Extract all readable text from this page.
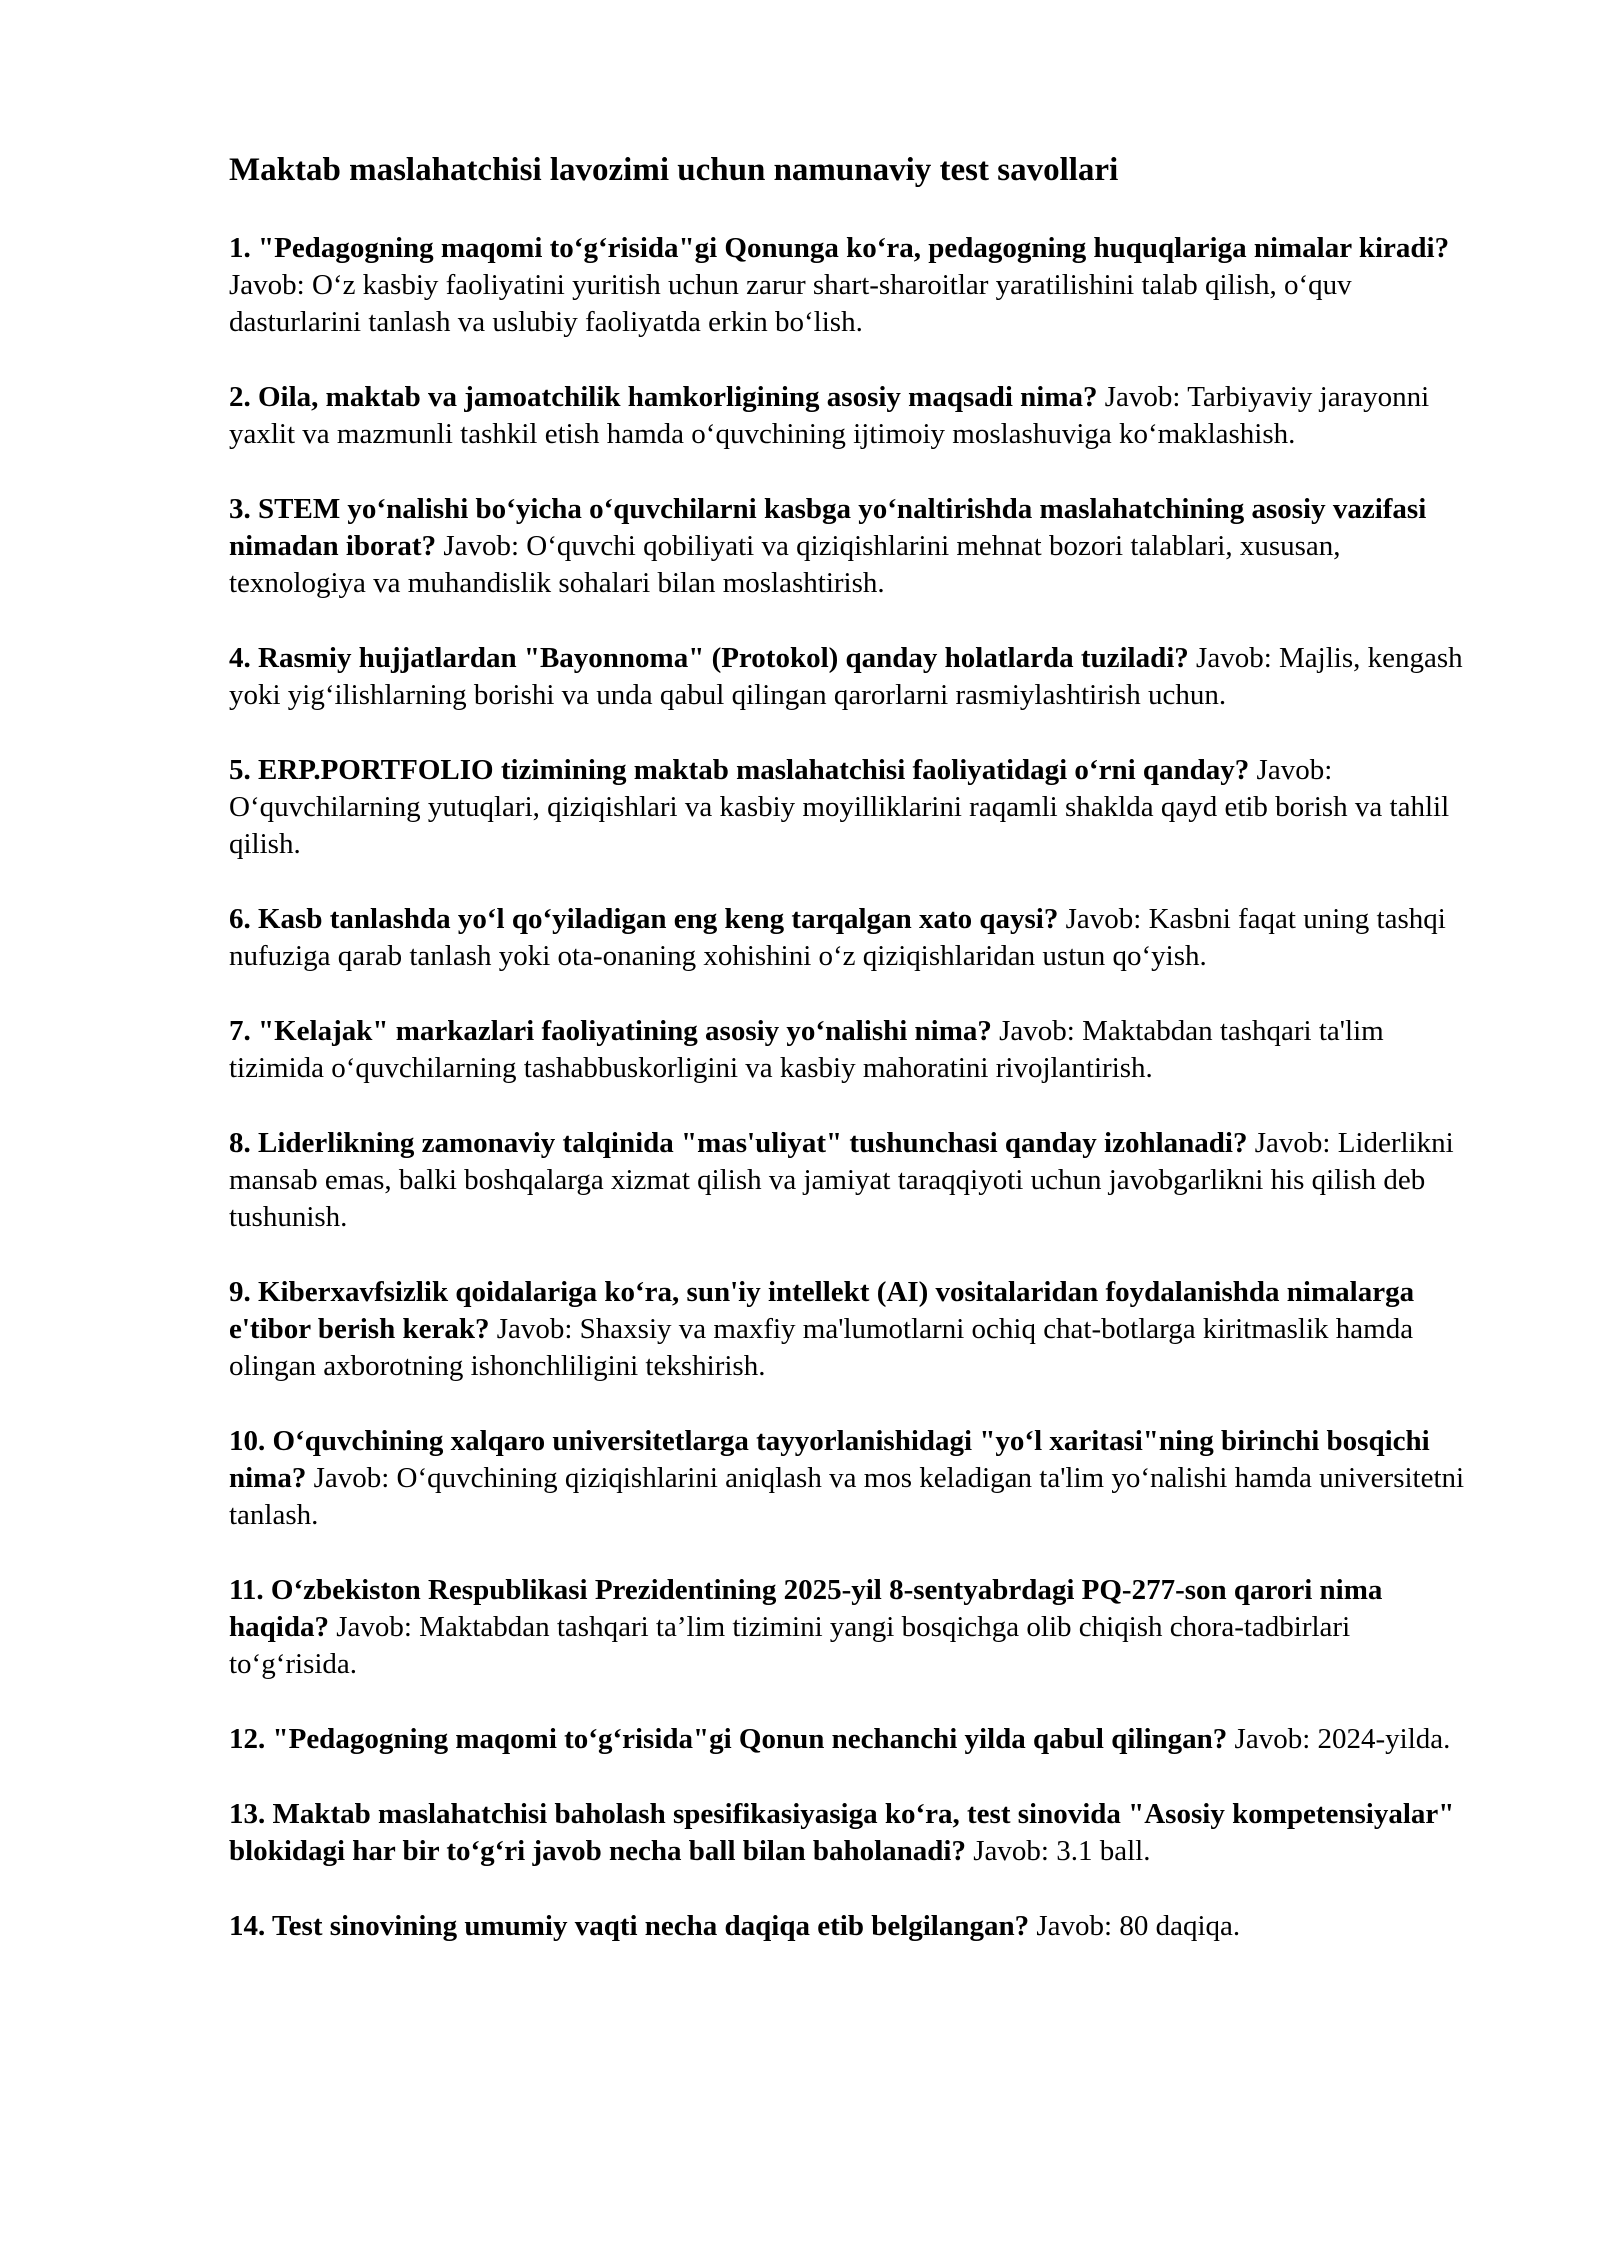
Maktab maslahatchisi lavozimi uchun namunaviy test savollari

1. "Pedagogning maqomi to‘g‘risida"gi Qonunga ko‘ra, pedagogning huquqlariga nimalar kiradi? Javob: O‘z kasbiy faoliyatini yuritish uchun zarur shart-sharoitlar yaratilishini talab qilish, o‘quv dasturlarini tanlash va uslubiy faoliyatda erkin bo‘lish.

2. Oila, maktab va jamoatchilik hamkorligining asosiy maqsadi nima? Javob: Tarbiyaviy jarayonni yaxlit va mazmunli tashkil etish hamda o‘quvchining ijtimoiy moslashuviga ko‘maklashish.

3. STEM yo‘nalishi bo‘yicha o‘quvchilarni kasbga yo‘naltirishda maslahatchining asosiy vazifasi nimadan iborat? Javob: O‘quvchi qobiliyati va qiziqishlarini mehnat bozori talablari, xususan, texnologiya va muhandislik sohalari bilan moslashtirish.

4. Rasmiy hujjatlardan "Bayonnoma" (Protokol) qanday holatlarda tuziladi? Javob: Majlis, kengash yoki yig‘ilishlarning borishi va unda qabul qilingan qarorlarni rasmiylashtirish uchun.

5. ERP.PORTFOLIO tizimining maktab maslahatchisi faoliyatidagi o‘rni qanday? Javob: O‘quvchilarning yutuqlari, qiziqishlari va kasbiy moyilliklarini raqamli shaklda qayd etib borish va tahlil qilish.

6. Kasb tanlashda yo‘l qo‘yiladigan eng keng tarqalgan xato qaysi? Javob: Kasbni faqat uning tashqi nufuziga qarab tanlash yoki ota-onaning xohishini o‘z qiziqishlaridan ustun qo‘yish.

7. "Kelajak" markazlari faoliyatining asosiy yo‘nalishi nima? Javob: Maktabdan tashqari ta'lim tizimida o‘quvchilarning tashabbuskorligini va kasbiy mahoratini rivojlantirish.

8. Liderlikning zamonaviy talqinida "mas'uliyat" tushunchasi qanday izohlanadi? Javob: Liderlikni mansab emas, balki boshqalarga xizmat qilish va jamiyat taraqqiyoti uchun javobgarlikni his qilish deb tushunish.

9. Kiberxavfsizlik qoidalariga ko‘ra, sun'iy intellekt (AI) vositalaridan foydalanishda nimalarga e'tibor berish kerak? Javob: Shaxsiy va maxfiy ma'lumotlarni ochiq chat-botlarga kiritmaslik hamda olingan axborotning ishonchliligini tekshirish.

10. O‘quvchining xalqaro universitetlarga tayyorlanishidagi "yo‘l xaritasi"ning birinchi bosqichi nima? Javob: O‘quvchining qiziqishlarini aniqlash va mos keladigan ta'lim yo‘nalishi hamda universitetni tanlash.

11. O‘zbekiston Respublikasi Prezidentining 2025-yil 8-sentyabrdagi PQ-277-son qarori nima haqida? Javob: Maktabdan tashqari ta’lim tizimini yangi bosqichga olib chiqish chora-tadbirlari to‘g‘risida.

12. "Pedagogning maqomi to‘g‘risida"gi Qonun nechanchi yilda qabul qilingan? Javob: 2024-yilda.

13. Maktab maslahatchisi baholash spesifikasiyasiga ko‘ra, test sinovida "Asosiy kompetensiyalar" blokidagi har bir to‘g‘ri javob necha ball bilan baholanadi? Javob: 3.1 ball.

14. Test sinovining umumiy vaqti necha daqiqa etib belgilangan? Javob: 80 daqiqa.
